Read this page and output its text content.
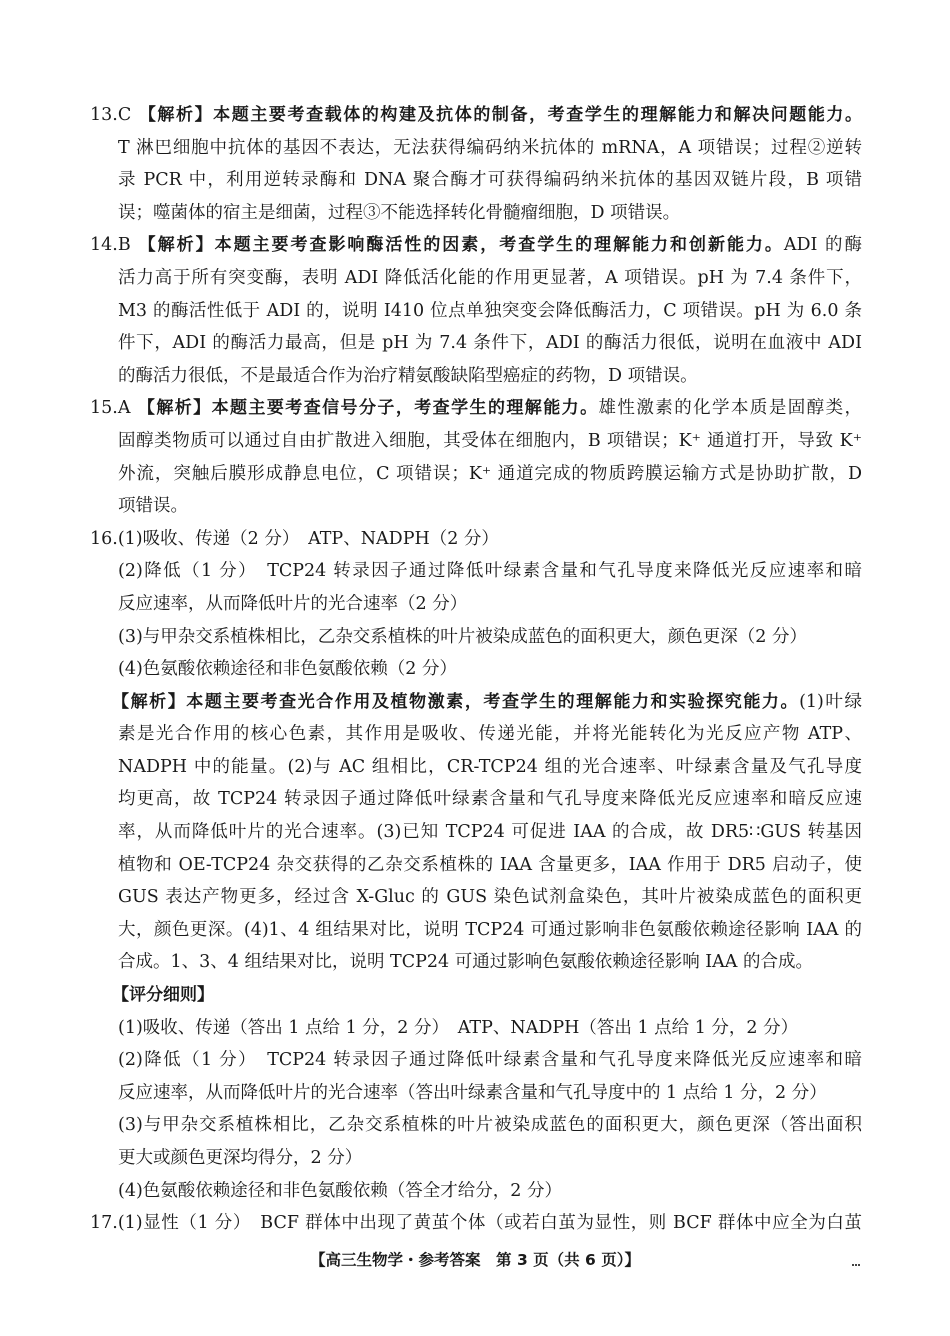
13.C 【解析】本题主要考查载体的构建及抗体的制备，考查学生的理解能力和解决问题能力。
T 淋巴细胞中抗体的基因不表达，无法获得编码纳米抗体的 mRNA，A 项错误；过程②逆转
录 PCR 中，利用逆转录酶和 DNA 聚合酶才可获得编码纳米抗体的基因双链片段，B 项错
误；噬菌体的宿主是细菌，过程③不能选择转化骨髓瘤细胞，D 项错误。
14.B 【解析】本题主要考查影响酶活性的因素，考查学生的理解能力和创新能力。ADI 的酶
活力高于所有突变酶，表明 ADI 降低活化能的作用更显著，A 项错误。pH 为 7.4 条件下，
M3 的酶活性低于 ADI 的，说明 I410 位点单独突变会降低酶活力，C 项错误。pH 为 6.0 条
件下，ADI 的酶活力最高，但是 pH 为 7.4 条件下，ADI 的酶活力很低，说明在血液中 ADI
的酶活力很低，不是最适合作为治疗精氨酸缺陷型癌症的药物，D 项错误。
15.A 【解析】本题主要考查信号分子，考查学生的理解能力。雄性激素的化学本质是固醇类，
固醇类物质可以通过自由扩散进入细胞，其受体在细胞内，B 项错误；K⁺ 通道打开，导致 K⁺
外流，突触后膜形成静息电位，C 项错误；K⁺ 通道完成的物质跨膜运输方式是协助扩散，D
项错误。
16.(1)吸收、传递（2 分）　ATP、NADPH（2 分）
(2)降低（1 分）　TCP24 转录因子通过降低叶绿素含量和气孔导度来降低光反应速率和暗
反应速率，从而降低叶片的光合速率（2 分）
(3)与甲杂交系植株相比，乙杂交系植株的叶片被染成蓝色的面积更大，颜色更深（2 分）
(4)色氨酸依赖途径和非色氨酸依赖（2 分）
【解析】本题主要考查光合作用及植物激素，考查学生的理解能力和实验探究能力。(1)叶绿
素是光合作用的核心色素，其作用是吸收、传递光能，并将光能转化为光反应产物 ATP、
NADPH 中的能量。(2)与 AC 组相比，CR-TCP24 组的光合速率、叶绿素含量及气孔导度
均更高，故 TCP24 转录因子通过降低叶绿素含量和气孔导度来降低光反应速率和暗反应速
率，从而降低叶片的光合速率。(3)已知 TCP24 可促进 IAA 的合成，故 DR5∷GUS 转基因
植物和 OE-TCP24 杂交获得的乙杂交系植株的 IAA 含量更多，IAA 作用于 DR5 启动子，使
GUS 表达产物更多，经过含 X-Gluc 的 GUS 染色试剂盒染色，其叶片被染成蓝色的面积更
大，颜色更深。(4)1、4 组结果对比，说明 TCP24 可通过影响非色氨酸依赖途径影响 IAA 的
合成。1、3、4 组结果对比，说明 TCP24 可通过影响色氨酸依赖途径影响 IAA 的合成。
【评分细则】
(1)吸收、传递（答出 1 点给 1 分，2 分）　ATP、NADPH（答出 1 点给 1 分，2 分）
(2)降低（1 分）　TCP24 转录因子通过降低叶绿素含量和气孔导度来降低光反应速率和暗
反应速率，从而降低叶片的光合速率（答出叶绿素含量和气孔导度中的 1 点给 1 分，2 分）
(3)与甲杂交系植株相比，乙杂交系植株的叶片被染成蓝色的面积更大，颜色更深（答出面积
更大或颜色更深均得分，2 分）
(4)色氨酸依赖途径和非色氨酸依赖（答全才给分，2 分）
17.(1)显性（1 分）　BCF 群体中出现了黄茧个体（或若白茧为显性，则 BCF 群体中应全为白茧
【高三生物学・参考答案　第 3 页（共 6 页）】
